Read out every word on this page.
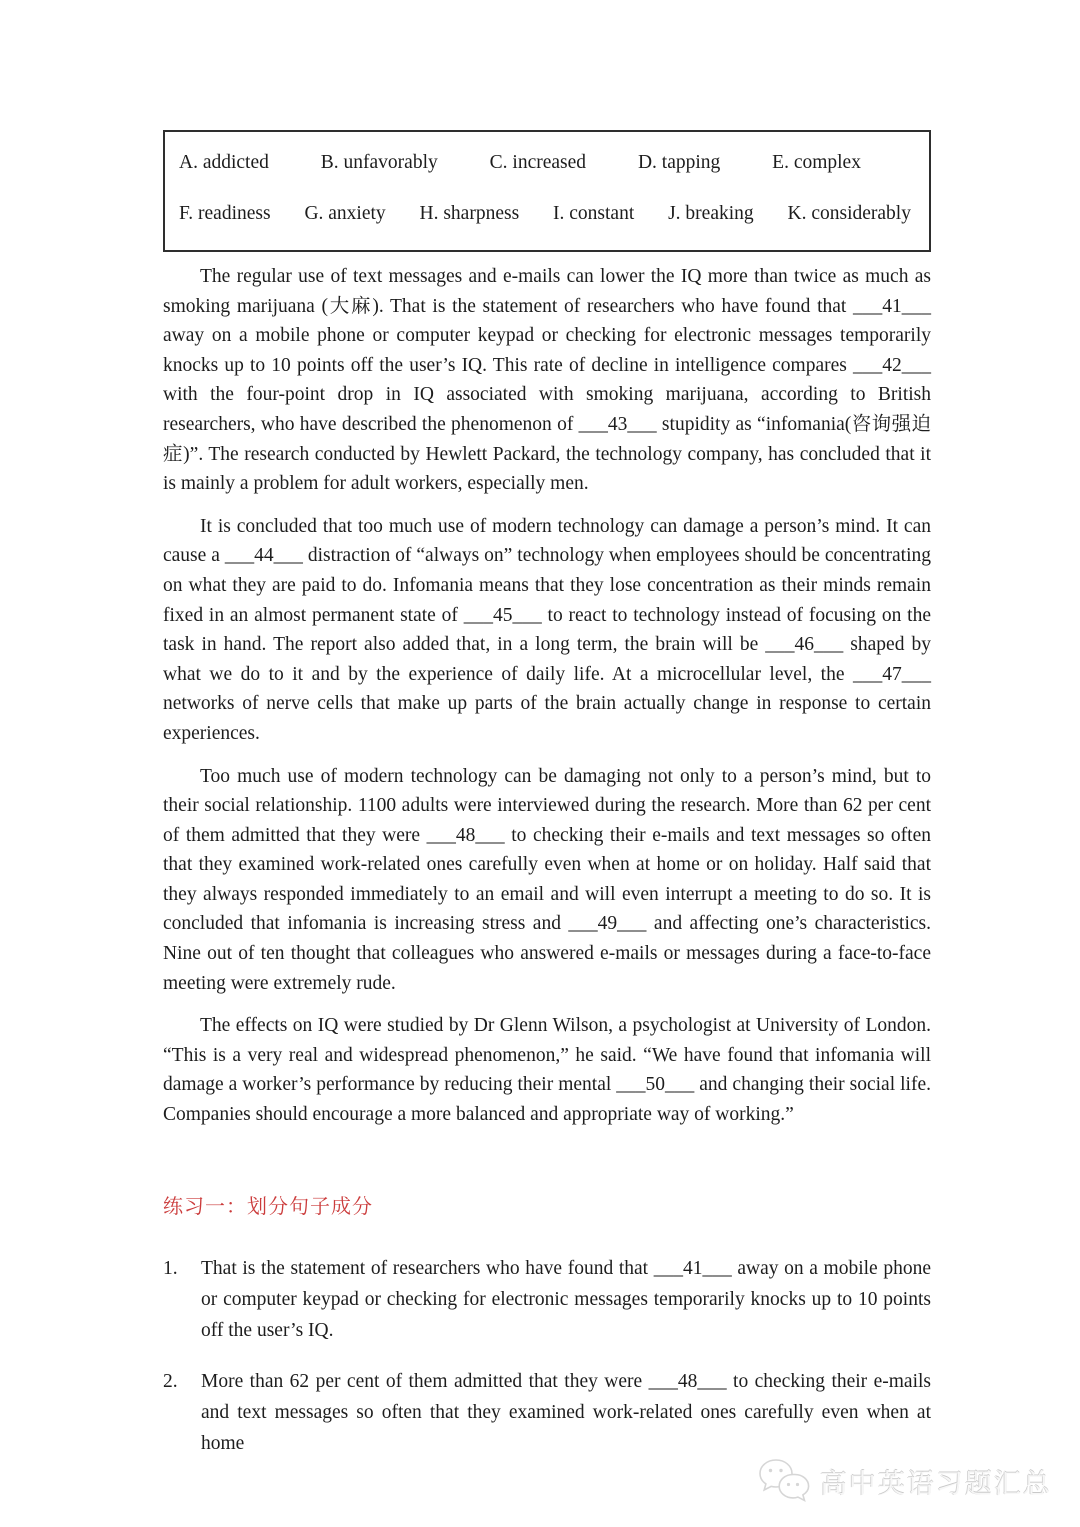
A. addicted	B. unfavorably	C. increased	D. tapping	E. complex
F. readiness G. anxiety H. sharpness I. constant J. breaking K. considerably

The regular use of text messages and e-mails can lower the IQ more than twice as much as smoking marijuana (大麻). That is the statement of researchers who have found that ___41___ away on a mobile phone or computer keypad or checking for electronic messages temporarily knocks up to 10 points off the user’s IQ. This rate of decline in intelligence compares ___42___ with the four-point drop in IQ associated with smoking marijuana, according to British researchers, who have described the phenomenon of ___43___ stupidity as “infomania(咨询强迫症)”. The research conducted by Hewlett Packard, the technology company, has concluded that it is mainly a problem for adult workers, especially men.

It is concluded that too much use of modern technology can damage a person’s mind. It can cause a ___44___ distraction of “always on” technology when employees should be concentrating on what they are paid to do. Infomania means that they lose concentration as their minds remain fixed in an almost permanent state of ___45___ to react to technology instead of focusing on the task in hand. The report also added that, in a long term, the brain will be ___46___ shaped by what we do to it and by the experience of daily life. At a microcellular level, the ___47___ networks of nerve cells that make up parts of the brain actually change in response to certain experiences.

Too much use of modern technology can be damaging not only to a person’s mind, but to their social relationship. 1100 adults were interviewed during the research. More than 62 per cent of them admitted that they were ___48___ to checking their e-mails and text messages so often that they examined work-related ones carefully even when at home or on holiday. Half said that they always responded immediately to an email and will even interrupt a meeting to do so. It is concluded that infomania is increasing stress and ___49___ and affecting one’s characteristics. Nine out of ten thought that colleagues who answered e-mails or messages during a face-to-face meeting were extremely rude.

The effects on IQ were studied by Dr Glenn Wilson, a psychologist at University of London. “This is a very real and widespread phenomenon,” he said. “We have found that infomania will damage a worker’s performance by reducing their mental ___50___ and changing their social life. Companies should encourage a more balanced and appropriate way of working.”

练习一：划分句子成分
1. That is the statement of researchers who have found that ___41___ away on a mobile phone or computer keypad or checking for electronic messages temporarily knocks up to 10 points off the user’s IQ.
2. More than 62 per cent of them admitted that they were ___48___ to checking their e-mails and text messages so often that they examined work-related ones carefully even when at home
高中英语习题汇总
